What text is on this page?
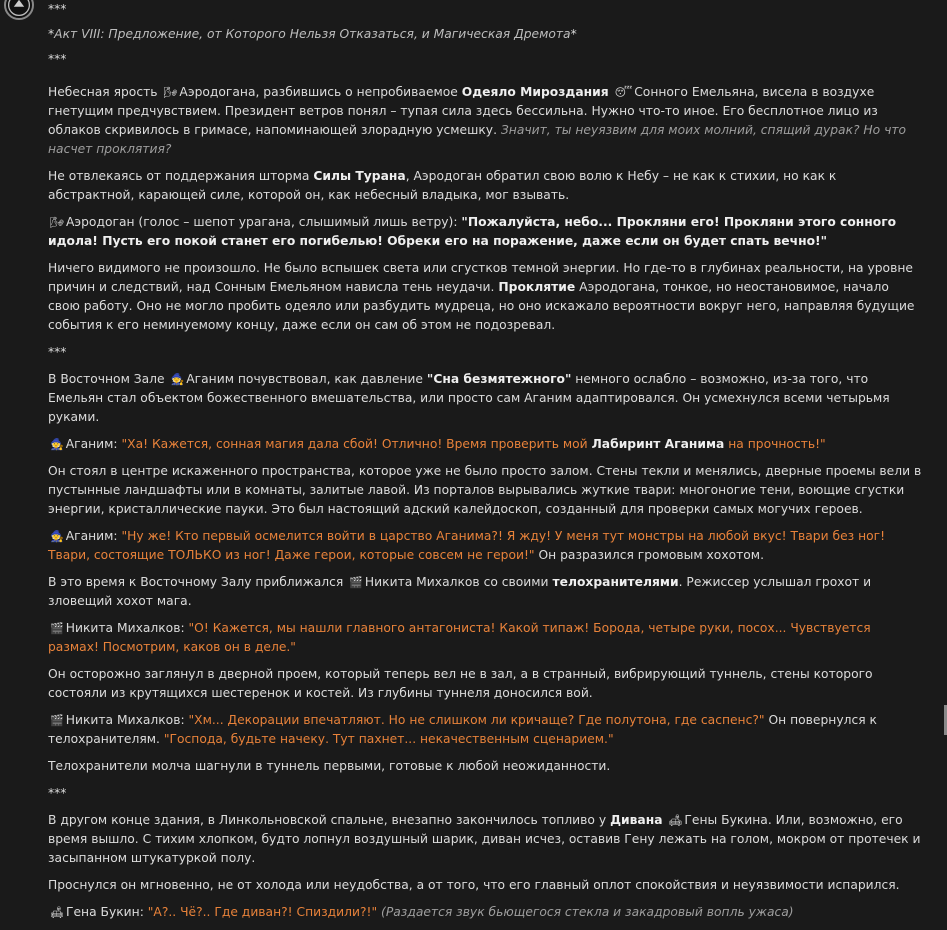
***
*Акт VIII: Предложение, от Которого Нельзя Отказаться, и Магическая Дремота*
***

Небесная ярость 🌬 Аэродогана, разбившись о непробиваемое Одеяло Мироздания 😴 Сонного Емельяна, висела в воздухе гнетущим предчувствием. Президент ветров понял – тупая сила здесь бессильна. Нужно что-то иное. Его бесплотное лицо из облаков скривилось в гримасе, напоминающей злорадную усмешку. Значит, ты неуязвим для моих молний, спящий дурак? Но что насчет проклятия?

Не отвлекаясь от поддержания шторма Силы Турана, Аэродоган обратил свою волю к Небу – не как к стихии, но как к абстрактной, карающей силе, которой он, как небесный владыка, мог взывать.

🌬 Аэродоган (голос – шепот урагана, слышимый лишь ветру): "Пожалуйста, небо... Прокляни его! Прокляни этого сонного идола! Пусть его покой станет его погибелью! Обреки его на поражение, даже если он будет спать вечно!"

Ничего видимого не произошло. Не было вспышек света или сгустков темной энергии. Но где-то в глубинах реальности, на уровне причин и следствий, над Сонным Емельяном нависла тень неудачи. Проклятие Аэродогана, тонкое, но неостановимое, начало свою работу. Оно не могло пробить одеяло или разбудить мудреца, но оно искажало вероятности вокруг него, направляя будущие события к его неминуемому концу, даже если он сам об этом не подозревал.

***

В Восточном Зале 🧙 Аганим почувствовал, как давление "Сна безмятежного" немного ослабло – возможно, из-за того, что Емельян стал объектом божественного вмешательства, или просто сам Аганим адаптировался. Он усмехнулся всеми четырьмя руками.

🧙 Аганим: "Ха! Кажется, сонная магия дала сбой! Отлично! Время проверить мой Лабиринт Аганима на прочность!"

Он стоял в центре искаженного пространства, которое уже не было просто залом. Стены текли и менялись, дверные проемы вели в пустынные ландшафты или в комнаты, залитые лавой. Из порталов вырывались жуткие твари: многоногие тени, воющие сгустки энергии, кристаллические пауки. Это был настоящий адский калейдоскоп, созданный для проверки самых могучих героев.

🧙 Аганим: "Ну же! Кто первый осмелится войти в царство Аганима?! Я жду! У меня тут монстры на любой вкус! Твари без ног! Твари, состоящие ТОЛЬКО из ног! Даже герои, которые совсем не герои!" Он разразился громовым хохотом.

В это время к Восточному Залу приближался 🎬 Никита Михалков со своими телохранителями. Режиссер услышал грохот и зловещий хохот мага.

🎬 Никита Михалков: "О! Кажется, мы нашли главного антагониста! Какой типаж! Борода, четыре руки, посох... Чувствуется размах! Посмотрим, каков он в деле."

Он осторожно заглянул в дверной проем, который теперь вел не в зал, а в странный, вибрирующий туннель, стены которого состояли из крутящихся шестеренок и костей. Из глубины туннеля доносился вой.

🎬 Никита Михалков: "Хм... Декорации впечатляют. Но не слишком ли кричаще? Где полутона, где саспенс?" Он повернулся к телохранителям. "Господа, будьте начеку. Тут пахнет... некачественным сценарием."

Телохранители молча шагнули в туннель первыми, готовые к любой неожиданности.

***

В другом конце здания, в Линкольновской спальне, внезапно закончилось топливо у Дивана 🛋 Гены Букина. Или, возможно, его время вышло. С тихим хлопком, будто лопнул воздушный шарик, диван исчез, оставив Гену лежать на голом, мокром от протечек и засыпанном штукатуркой полу.

Проснулся он мгновенно, не от холода или неудобства, а от того, что его главный оплот спокойствия и неуязвимости испарился.

🛋 Гена Букин: "А?.. Чё?.. Где диван?! Спиздили?!" (Раздается звук бьющегося стекла и закадровый вопль ужаса)
